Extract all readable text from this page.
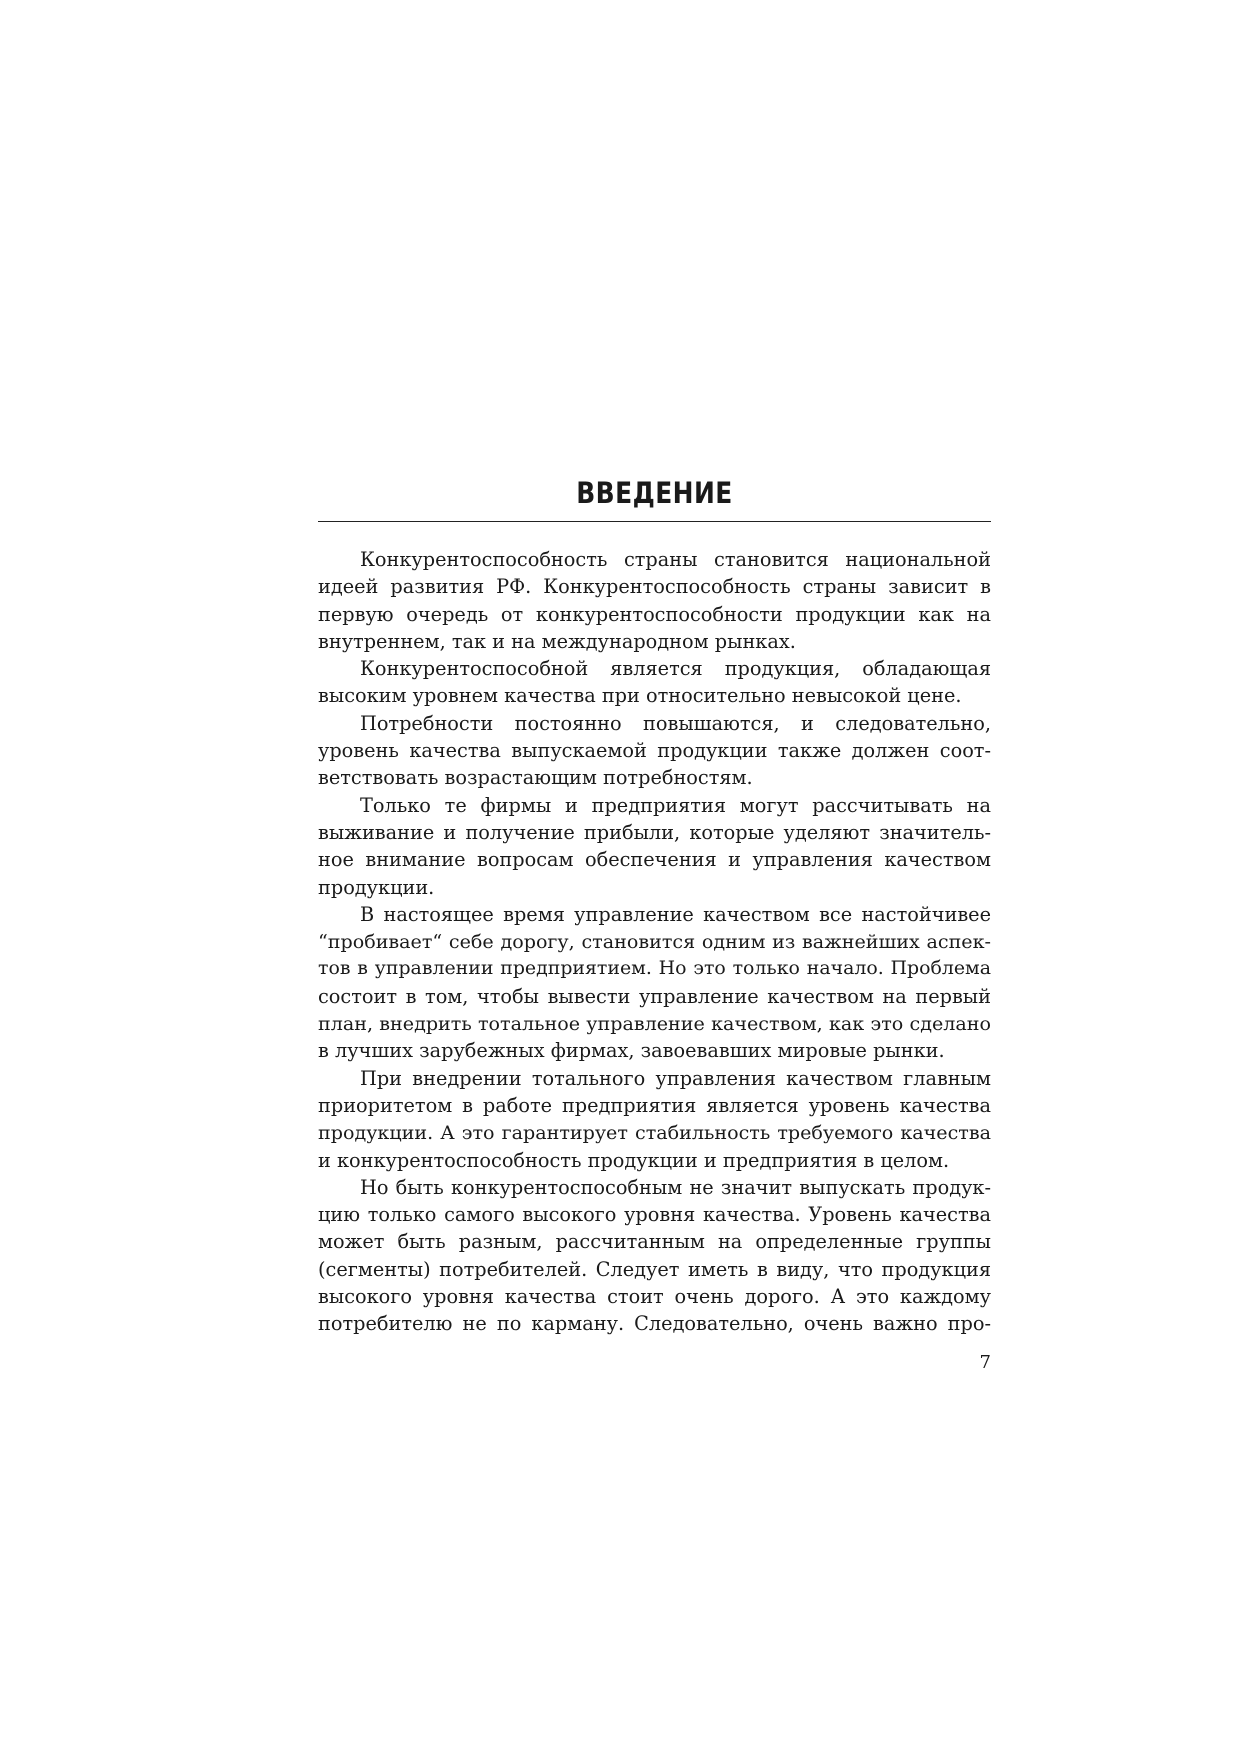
ВВЕДЕНИЕ
Конкурентоспособность страны становится национальной
идеей развития РФ. Конкурентоспособность страны зависит в
первую очередь от конкурентоспособности продукции как на
внутреннем, так и на международном рынках.
Конкурентоспособной является продукция, обладающая
высоким уровнем качества при относительно невысокой цене.
Потребности постоянно повышаются, и следовательно,
уровень качества выпускаемой продукции также должен соот-
ветствовать возрастающим потребностям.
Только те фирмы и предприятия могут рассчитывать на
выживание и получение прибыли, которые уделяют значитель-
ное внимание вопросам обеспечения и управления качеством
продукции.
В настоящее время управление качеством все настойчивее
“пробивает“ себе дорогу, становится одним из важнейших аспек-
тов в управлении предприятием. Но это только начало. Проблема
состоит в том, чтобы вывести управление качеством на первый
план, внедрить тотальное управление качеством, как это сделано
в лучших зарубежных фирмах, завоевавших мировые рынки.
При внедрении тотального управления качеством главным
приоритетом в работе предприятия является уровень качества
продукции. А это гарантирует стабильность требуемого качества
и конкурентоспособность продукции и предприятия в целом.
Но быть конкурентоспособным не значит выпускать продук-
цию только самого высокого уровня качества. Уровень качества
может быть разным, рассчитанным на определенные группы
(сегменты) потребителей. Следует иметь в виду, что продукция
высокого уровня качества стоит очень дорого. А это каждому
потребителю не по карману. Следовательно, очень важно про-
7
